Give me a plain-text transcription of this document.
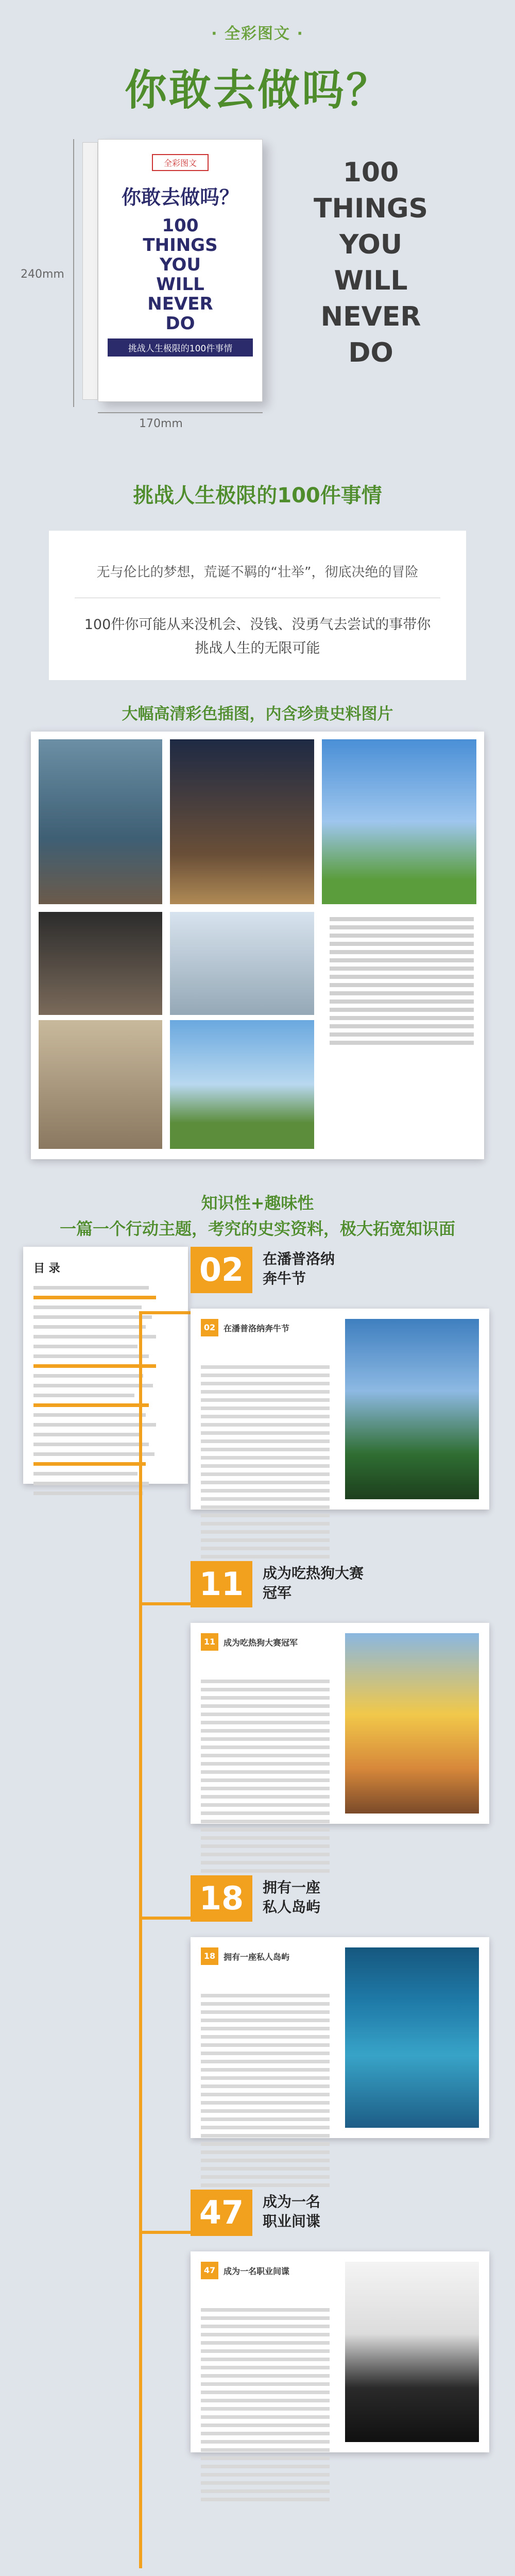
· 全彩图文 ·
你敢去做吗？
240mm
全彩图文
你敢去做吗？
100
THINGS
YOU
WILL
NEVER
DO
挑战人生极限的100件事情
170mm
100
THINGS
YOU
WILL
NEVER
DO
挑战人生极限的100件事情
无与伦比的梦想，荒诞不羁的“壮举”，彻底决绝的冒险
100件你可能从来没机会、没钱、没勇气去尝试的事带你挑战人生的无限可能
大幅高清彩色插图，内含珍贵史料图片
知识性+趣味性
一篇一个行动主题，考究的史实资料，极大拓宽知识面
目 录	02	在潘普洛纳
奔牛节
02 在潘普洛纳奔牛节
11	成为吃热狗大赛
冠军
11 成为吃热狗大赛冠军
18	拥有一座
私人岛屿
18 拥有一座私人岛屿
47	成为一名
职业间谍
47 成为一名职业间谍
